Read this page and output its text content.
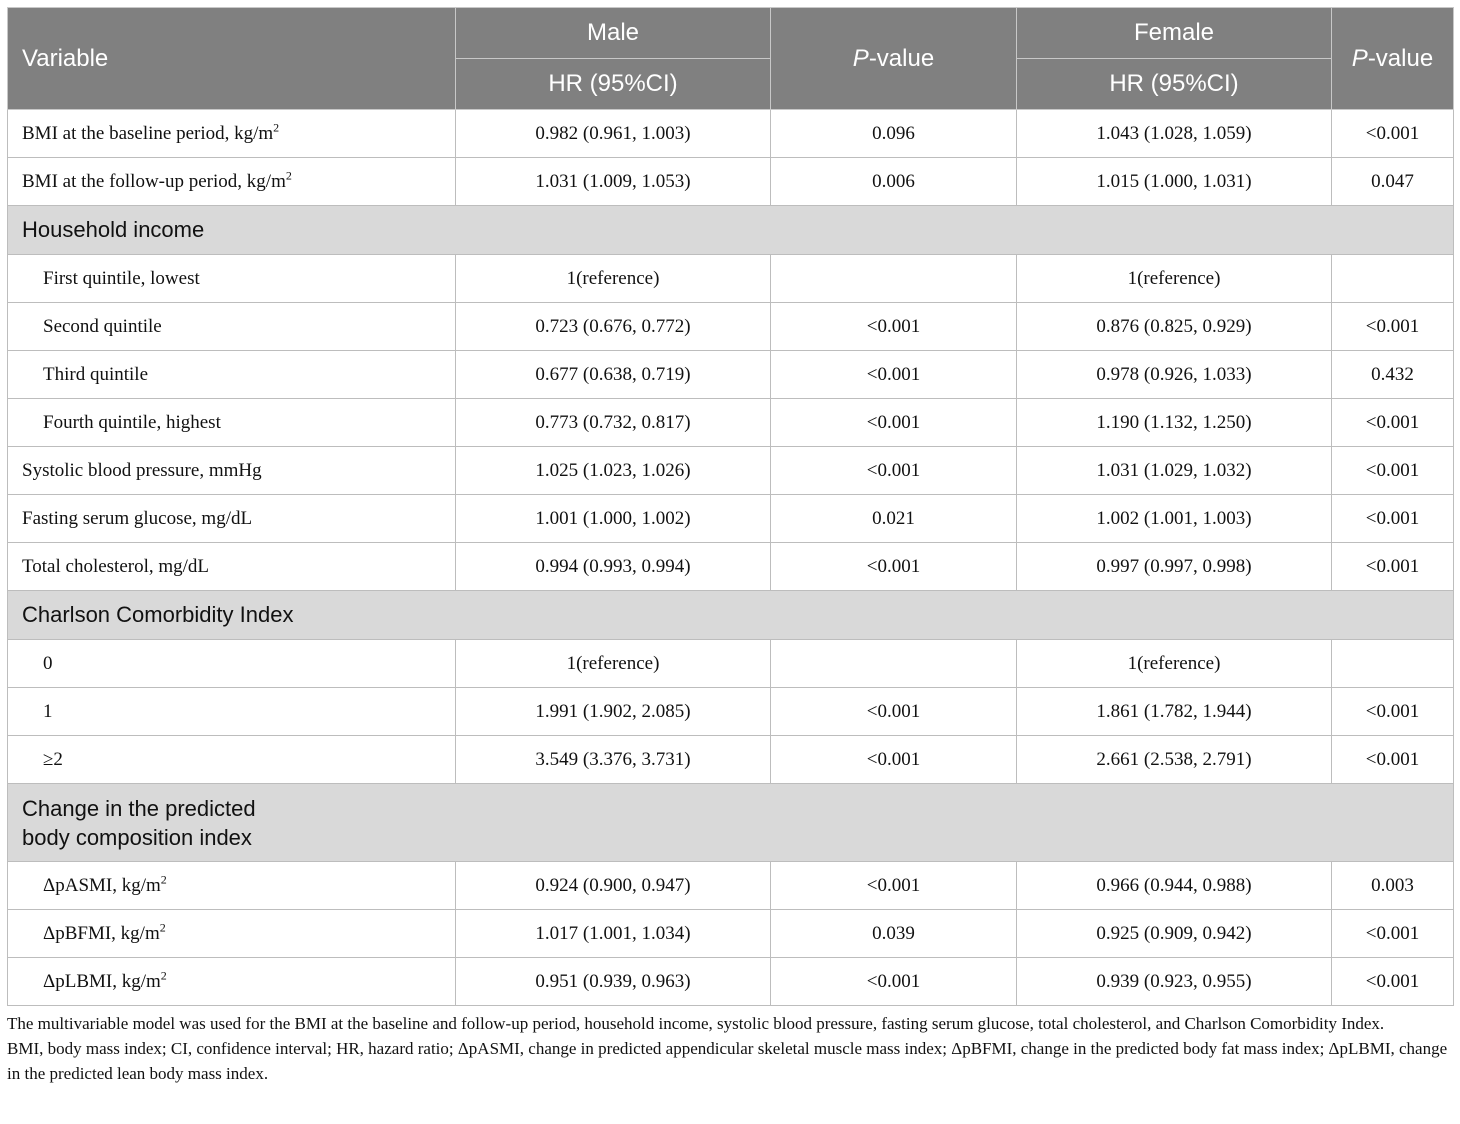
Variable	Male	P-value	Female	P-value
	HR (95%CI)		HR (95%CI)	
BMI at the baseline period, $kg/m^2$	0.982 (0.961, 1.003)	0.096	1.043 (1.028, 1.059)	<0.001
BMI at the follow-up period, $kg/m^2$	1.031 (1.009, 1.053)	0.006	1.015 (1.000, 1.031)	0.047
Household income				
First quintile, lowest	1(reference)		1(reference)	
Second quintile	0.723 (0.676, 0.772)	<0.001	0.876 (0.825, 0.929)	<0.001
Third quintile	0.677 (0.638, 0.719)	<0.001	0.978 (0.926, 1.033)	0.432
Fourth quintile, highest	0.773 (0.732, 0.817)	<0.001	1.190 (1.132, 1.250)	<0.001
Systolic blood pressure, mmHg	1.025 (1.023, 1.026)	<0.001	1.031 (1.029, 1.032)	<0.001
Fasting serum glucose, mg/dL	1.001 (1.000, 1.002)	0.021	1.002 (1.001, 1.003)	<0.001
Total cholesterol, mg/dL	0.994 (0.993, 0.994)	<0.001	0.997 (0.997, 0.998)	<0.001
Charlson Comorbidity Index				
0	1(reference)		1(reference)	
1	1.991 (1.902, 2.085)	<0.001	1.861 (1.782, 1.944)	<0.001
≥2	3.549 (3.376, 3.731)	<0.001	2.661 (2.538, 2.791)	<0.001
Change in the predicted
body composition index				
ΔpASMI, $kg/m^2$	0.924 (0.900, 0.947)	<0.001	0.966 (0.944, 0.988)	0.003
ΔpBFMI, $kg/m^2$	1.017 (1.001, 1.034)	0.039	0.925 (0.909, 0.942)	<0.001
ΔpLBMI, $kg/m^2$	0.951 (0.939, 0.963)	<0.001	0.939 (0.923, 0.955)	<0.001

The multivariable model was used for the BMI at the baseline and follow-up period, household income, systolic blood pressure, fasting serum glucose, total cholesterol, and Charlson Comorbidity Index.

BMI, body mass index; CI, confidence interval; HR, hazard ratio; ΔpASMI, change in predicted appendicular skeletal muscle mass index; ΔpBFMI, change in the predicted body fat mass index; ΔpLBMI, change in the predicted lean body mass index.
